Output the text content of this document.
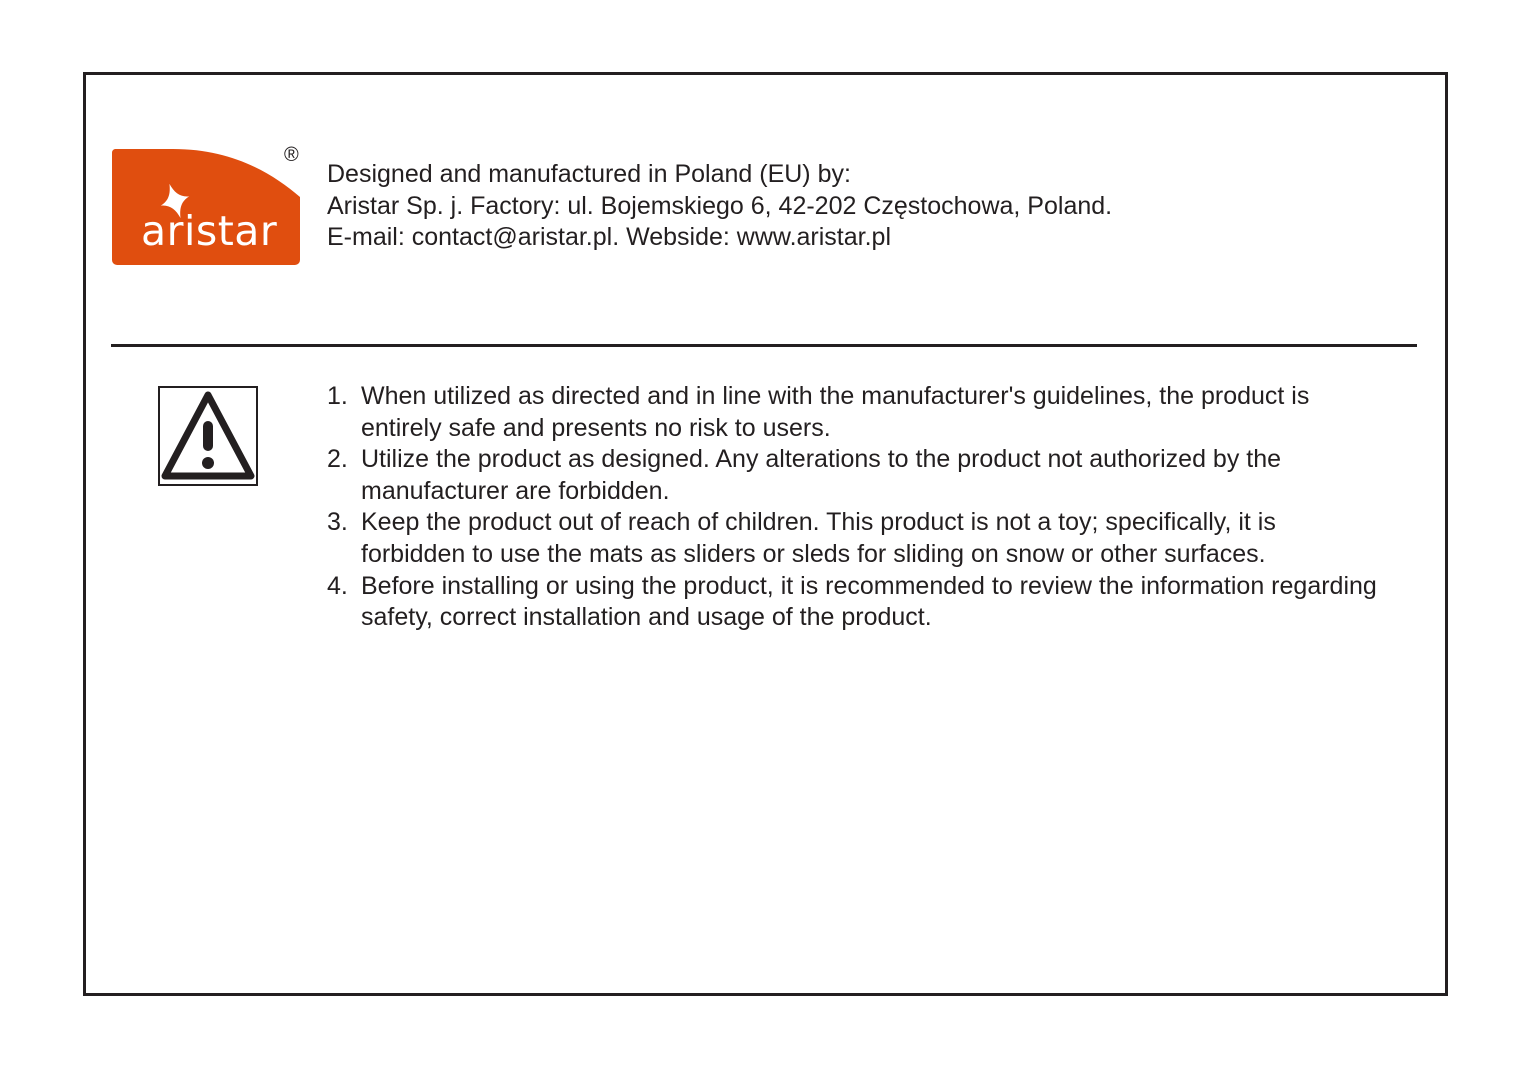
aristar
®
Designed and manufactured in Poland (EU) by:
Aristar Sp. j. Factory: ul. Bojemskiego 6, 42-202 Częstochowa, Poland.
E-mail: contact@aristar.pl. Webside: www.aristar.pl
1. When utilized as directed and in line with the manufacturer's guidelines, the product is entirely safe and presents no risk to users.
2. Utilize the product as designed. Any alterations to the product not authorized by the manufacturer are forbidden.
3. Keep the product out of reach of children. This product is not a toy; specifically, it is forbidden to use the mats as sliders or sleds for sliding on snow or other surfaces.
4. Before installing or using the product, it is recommended to review the information regarding safety, correct installation and usage of the product.
